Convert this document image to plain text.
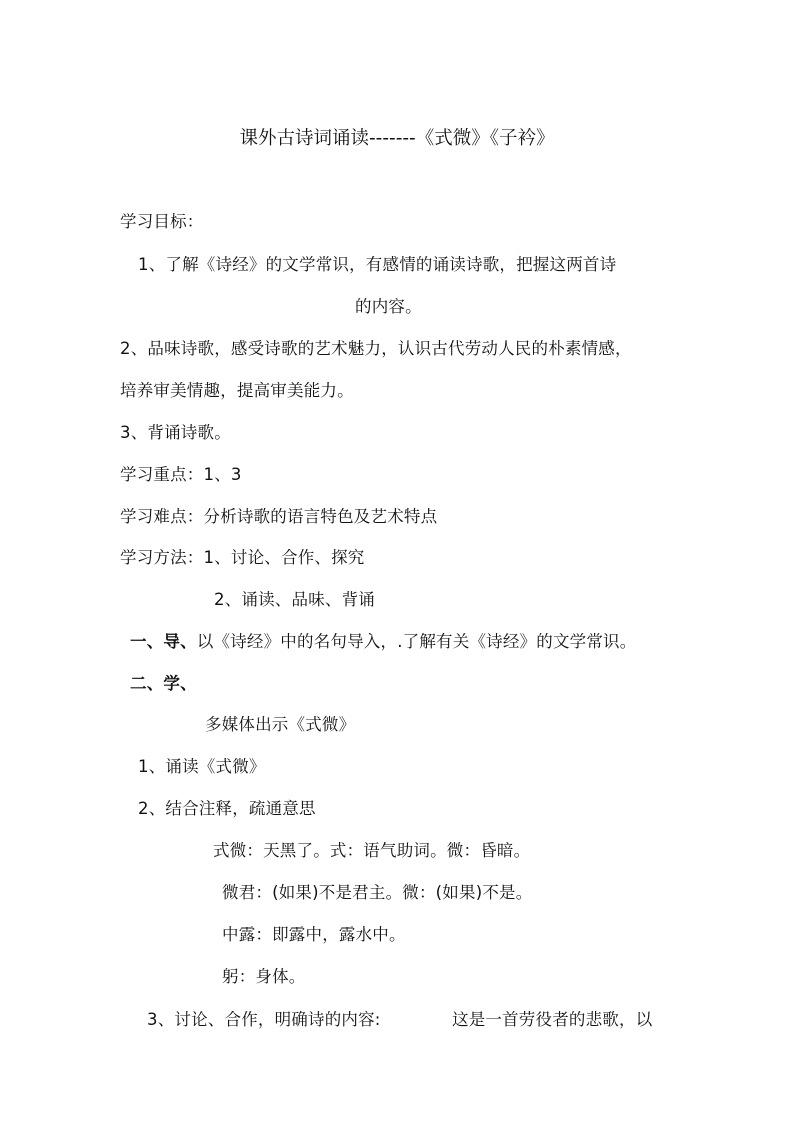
课外古诗词诵读-------《式微》《子衿》
学习目标：
1、了解《诗经》的文学常识，有感情的诵读诗歌，把握这两首诗
的内容。
2、品味诗歌，感受诗歌的艺术魅力，认识古代劳动人民的朴素情感，
培养审美情趣，提高审美能力。
3、背诵诗歌。
学习重点：1、3
学习难点：分析诗歌的语言特色及艺术特点
学习方法：1、讨论、合作、探究
2、诵读、品味、背诵
一、导、以《诗经》中的名句导入，.了解有关《诗经》的文学常识。
二、学、
多媒体出示《式微》
1、诵读《式微》
2、结合注释，疏通意思
式微：天黑了。式：语气助词。微：昏暗。
微君：(如果)不是君主。微：(如果)不是。
中露：即露中，露水中。
躬：身体。
3、讨论、合作，明确诗的内容:	这是一首劳役者的悲歌，以
